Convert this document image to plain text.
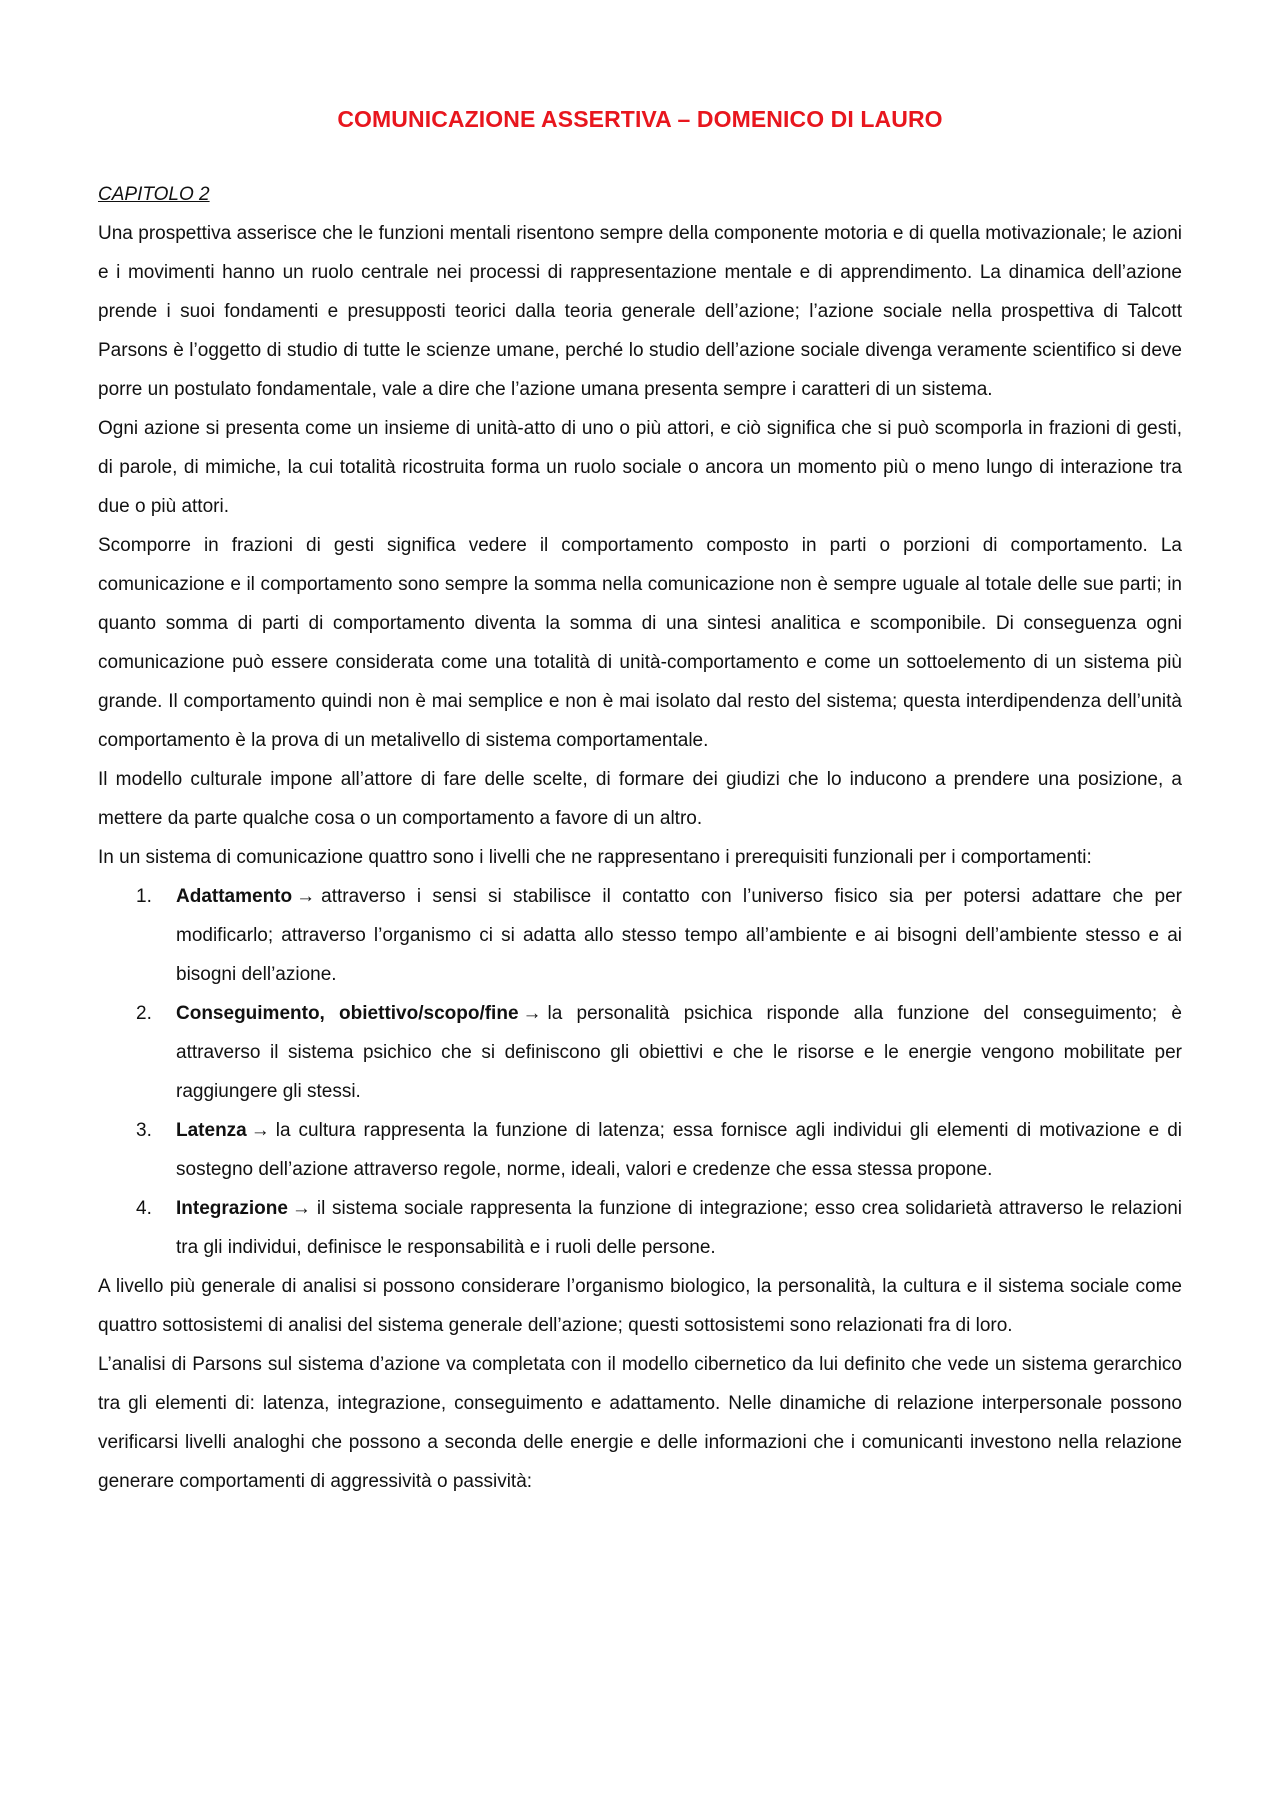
COMUNICAZIONE ASSERTIVA – DOMENICO DI LAURO

CAPITOLO 2

Una prospettiva asserisce che le funzioni mentali risentono sempre della componente motoria e di quella motivazionale; le azioni e i movimenti hanno un ruolo centrale nei processi di rappresentazione mentale e di apprendimento. La dinamica dell’azione prende i suoi fondamenti e presupposti teorici dalla teoria generale dell’azione; l’azione sociale nella prospettiva di Talcott Parsons è l’oggetto di studio di tutte le scienze umane, perché lo studio dell’azione sociale divenga veramente scientifico si deve porre un postulato fondamentale, vale a dire che l’azione umana presenta sempre i caratteri di un sistema.

Ogni azione si presenta come un insieme di unità-atto di uno o più attori, e ciò significa che si può scomporla in frazioni di gesti, di parole, di mimiche, la cui totalità ricostruita forma un ruolo sociale o ancora un momento più o meno lungo di interazione tra due o più attori.

Scomporre in frazioni di gesti significa vedere il comportamento composto in parti o porzioni di comportamento. La comunicazione e il comportamento sono sempre la somma nella comunicazione non è sempre uguale al totale delle sue parti; in quanto somma di parti di comportamento diventa la somma di una sintesi analitica e scomponibile. Di conseguenza ogni comunicazione può essere considerata come una totalità di unità-comportamento e come un sottoelemento di un sistema più grande. Il comportamento quindi non è mai semplice e non è mai isolato dal resto del sistema; questa interdipendenza dell’unità comportamento è la prova di un metalivello di sistema comportamentale.

Il modello culturale impone all’attore di fare delle scelte, di formare dei giudizi che lo inducono a prendere una posizione, a mettere da parte qualche cosa o un comportamento a favore di un altro.

In un sistema di comunicazione quattro sono i livelli che ne rappresentano i prerequisiti funzionali per i comportamenti:

1. Adattamento → attraverso i sensi si stabilisce il contatto con l’universo fisico sia per potersi adattare che per modificarlo; attraverso l’organismo ci si adatta allo stesso tempo all’ambiente e ai bisogni dell’ambiente stesso e ai bisogni dell’azione.
2. Conseguimento, obiettivo/scopo/fine → la personalità psichica risponde alla funzione del conseguimento; è attraverso il sistema psichico che si definiscono gli obiettivi e che le risorse e le energie vengono mobilitate per raggiungere gli stessi.
3. Latenza → la cultura rappresenta la funzione di latenza; essa fornisce agli individui gli elementi di motivazione e di sostegno dell’azione attraverso regole, norme, ideali, valori e credenze che essa stessa propone.
4. Integrazione → il sistema sociale rappresenta la funzione di integrazione; esso crea solidarietà attraverso le relazioni tra gli individui, definisce le responsabilità e i ruoli delle persone.

A livello più generale di analisi si possono considerare l’organismo biologico, la personalità, la cultura e il sistema sociale come quattro sottosistemi di analisi del sistema generale dell’azione; questi sottosistemi sono relazionati fra di loro.

L’analisi di Parsons sul sistema d’azione va completata con il modello cibernetico da lui definito che vede un sistema gerarchico tra gli elementi di: latenza, integrazione, conseguimento e adattamento. Nelle dinamiche di relazione interpersonale possono verificarsi livelli analoghi che possono a seconda delle energie e delle informazioni che i comunicanti investono nella relazione generare comportamenti di aggressività o passività:
